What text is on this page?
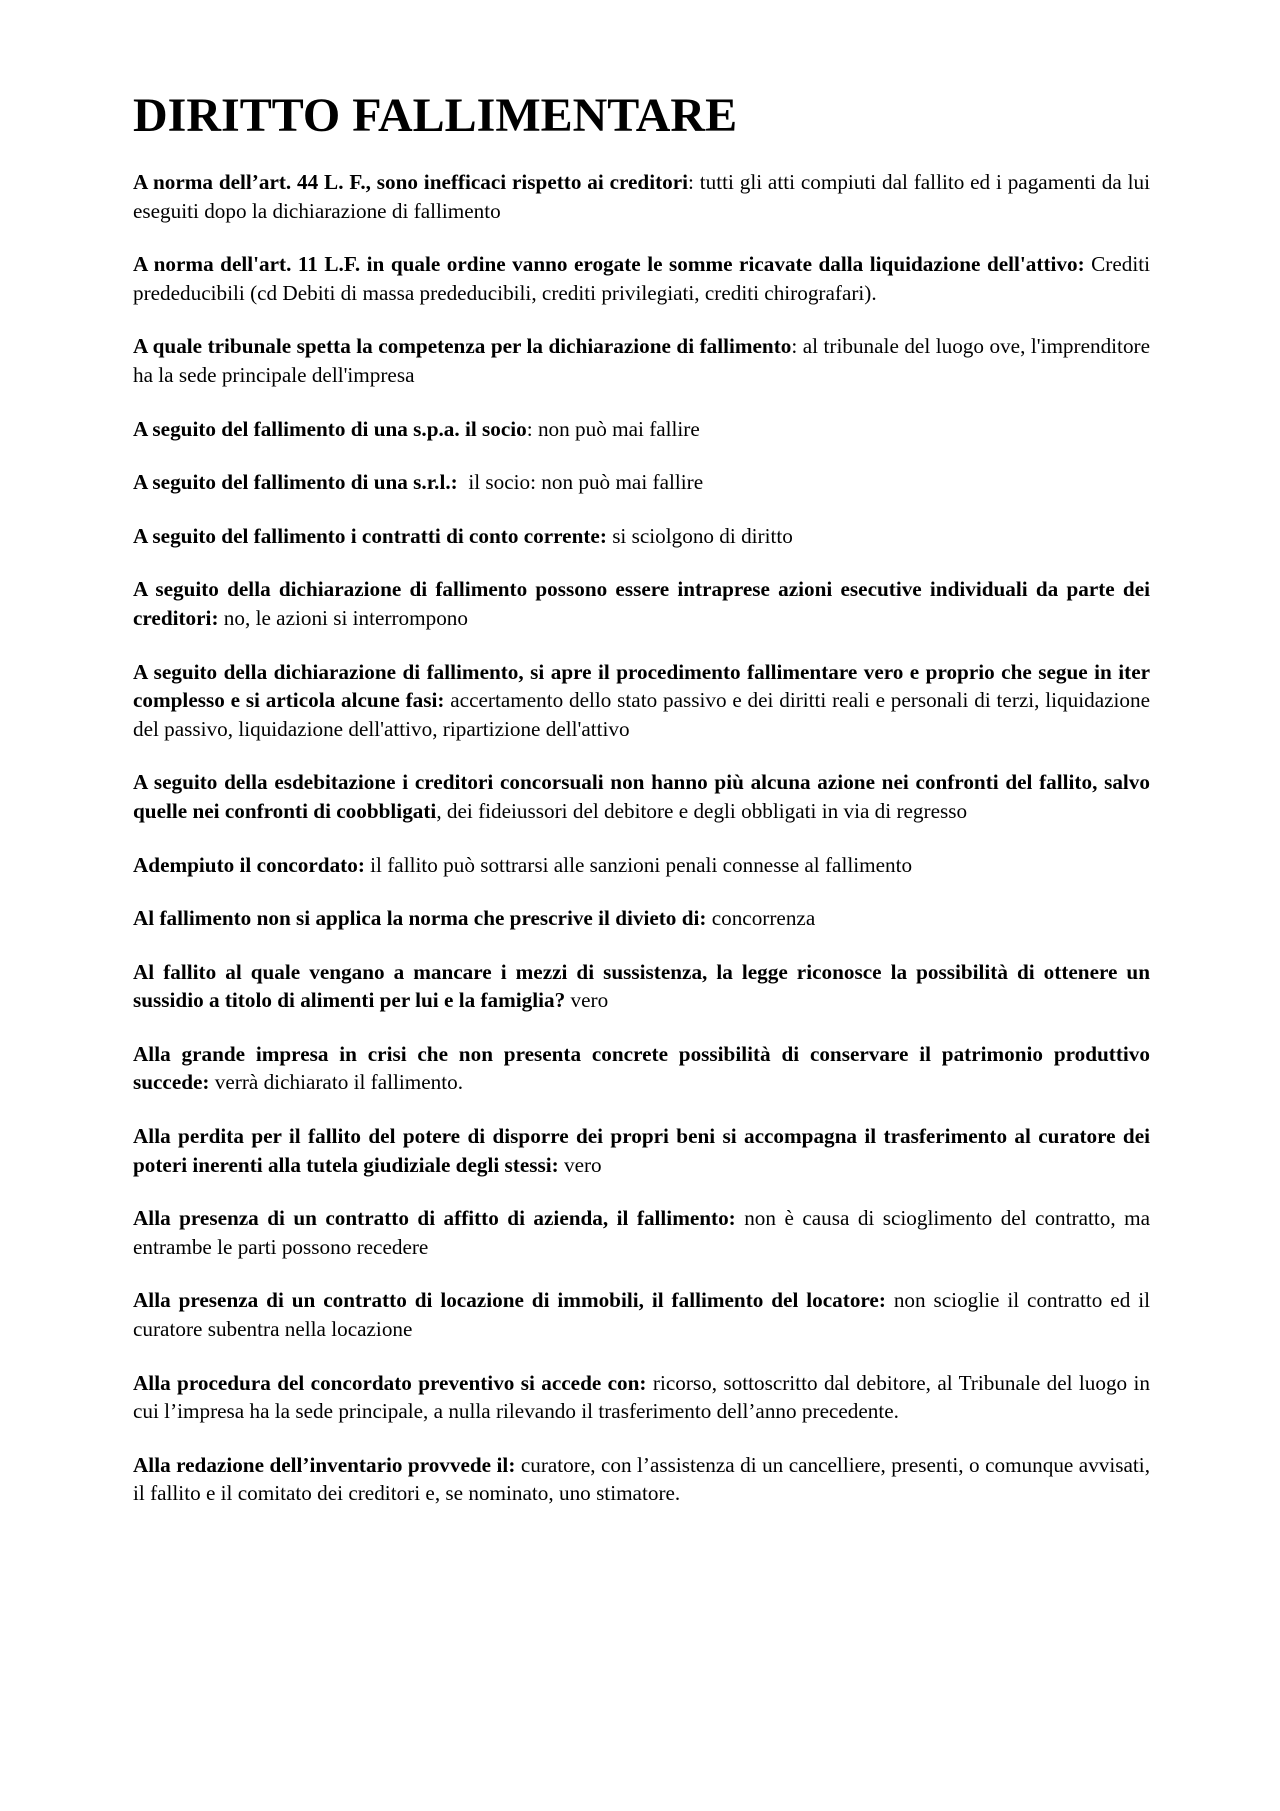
DIRITTO FALLIMENTARE

A norma dell’art. 44 L. F., sono inefficaci rispetto ai creditori: tutti gli atti compiuti dal fallito ed i pagamenti da lui eseguiti dopo la dichiarazione di fallimento

A norma dell'art. 11 L.F. in quale ordine vanno erogate le somme ricavate dalla liquidazione dell'attivo: Crediti prededucibili (cd Debiti di massa prededucibili, crediti privilegiati, crediti chirografari).

A quale tribunale spetta la competenza per la dichiarazione di fallimento: al tribunale del luogo ove, l'imprenditore ha la sede principale dell'impresa

A seguito del fallimento di una s.p.a. il socio: non può mai fallire

A seguito del fallimento di una s.r.l.:  il socio: non può mai fallire

A seguito del fallimento i contratti di conto corrente: si sciolgono di diritto

A seguito della dichiarazione di fallimento possono essere intraprese azioni esecutive individuali da parte dei creditori: no, le azioni si interrompono

A seguito della dichiarazione di fallimento, si apre il procedimento fallimentare vero e proprio che segue in iter complesso e si articola alcune fasi: accertamento dello stato passivo e dei diritti reali e personali di terzi, liquidazione del passivo, liquidazione dell'attivo, ripartizione dell'attivo

A seguito della esdebitazione i creditori concorsuali non hanno più alcuna azione nei confronti del fallito, salvo quelle nei confronti di coobbligati, dei fideiussori del debitore e degli obbligati in via di regresso

Adempiuto il concordato: il fallito può sottrarsi alle sanzioni penali connesse al fallimento

Al fallimento non si applica la norma che prescrive il divieto di: concorrenza

Al fallito al quale vengano a mancare i mezzi di sussistenza, la legge riconosce la possibilità di ottenere un sussidio a titolo di alimenti per lui e la famiglia? vero

Alla grande impresa in crisi che non presenta concrete possibilità di conservare il patrimonio produttivo succede: verrà dichiarato il fallimento.

Alla perdita per il fallito del potere di disporre dei propri beni si accompagna il trasferimento al curatore dei poteri inerenti alla tutela giudiziale degli stessi: vero

Alla presenza di un contratto di affitto di azienda, il fallimento: non è causa di scioglimento del contratto, ma entrambe le parti possono recedere

Alla presenza di un contratto di locazione di immobili, il fallimento del locatore: non scioglie il contratto ed il curatore subentra nella locazione

Alla procedura del concordato preventivo si accede con: ricorso, sottoscritto dal debitore, al Tribunale del luogo in cui l’impresa ha la sede principale, a nulla rilevando il trasferimento dell’anno precedente.

Alla redazione dell’inventario provvede il: curatore, con l’assistenza di un cancelliere, presenti, o comunque avvisati, il fallito e il comitato dei creditori e, se nominato, uno stimatore.
